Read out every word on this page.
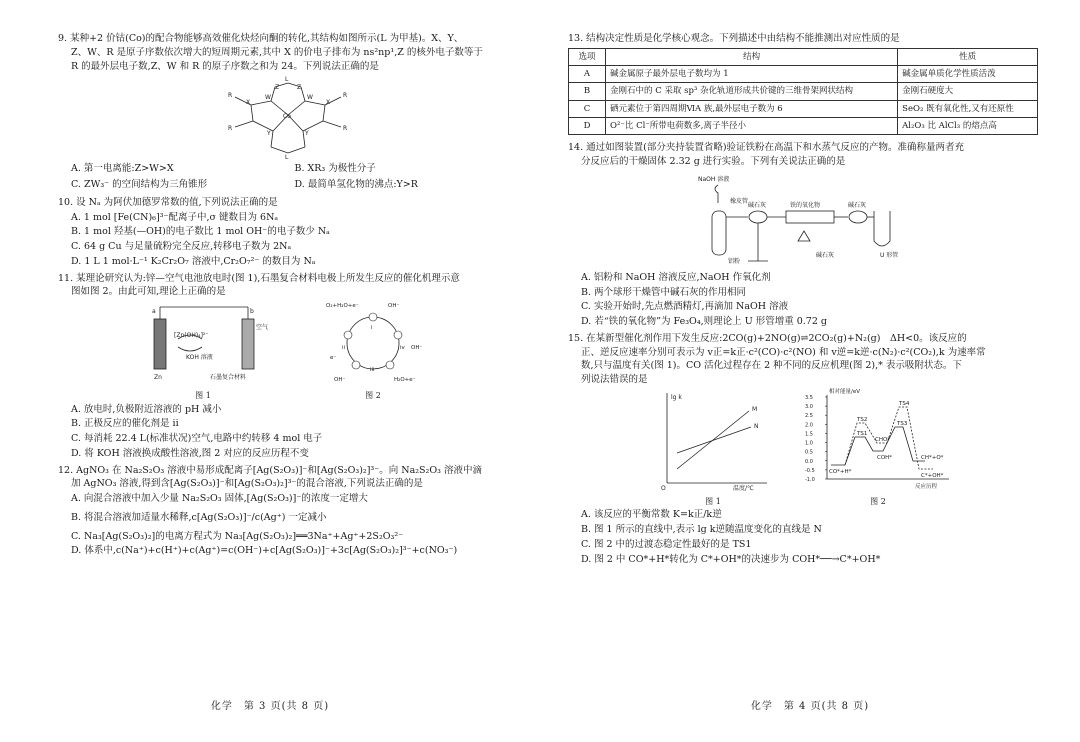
9. 某种+2 价钴(Co)的配合物能够高效催化炔烃向酮的转化,其结构如图所示(L 为甲基)。X、Y、

Z、W、R 是原子序数依次增大的短周期元素,其中 X 的价电子排布为 ns²np¹,Z 的核外电子数等于

R 的最外层电子数,Z、W 和 R 的原子序数之和为 24。下列说法正确的是

Co
L
L
R
R
R
R
W	W
Z	Z
Y	Y
X	X
A. 第一电离能:Z>W>X	B. XR₃ 为极性分子
C. ZW₃⁻ 的空间结构为三角锥形	D. 最简单氢化物的沸点:Y>R

10. 设 Nₐ 为阿伏加德罗常数的值,下列说法正确的是

A. 1 mol [Fe(CN)₆]³⁻配离子中,σ 键数目为 6Nₐ
B. 1 mol 羟基(—OH)的电子数比 1 mol OH⁻的电子数少 Nₐ
C. 64 g Cu 与足量硫粉完全反应,转移电子数为 2Nₐ
D. 1 L 1 mol·L⁻¹ K₂Cr₂O₇ 溶液中,Cr₂O₇²⁻ 的数目为 Nₐ

11. 某理论研究认为:锌—空气电池放电时(图 1),石墨复合材料电极上所发生反应的催化机理示意

图如图 2。由此可知,理论上正确的是

a	b
[Zn(OH)₄]²⁻
KOH 溶液
空气
Zn	石墨复合材料
图 1
O₂+H₂O+e⁻	OH⁻
OH⁻
OH⁻	H₂O+e⁻
e⁻
i
ii
iii
iv
图 2
A. 放电时,负极附近溶液的 pH 减小
B. 正极反应的催化剂是 ii
C. 每消耗 22.4 L(标准状况)空气,电路中约转移 4 mol 电子
D. 将 KOH 溶液换成酸性溶液,图 2 对应的反应历程不变

12. AgNO₃ 在 Na₂S₂O₃ 溶液中易形成配离子[Ag(S₂O₃)]⁻和[Ag(S₂O₃)₂]³⁻。向 Na₂S₂O₃ 溶液中滴

加 AgNO₃ 溶液,得到含[Ag(S₂O₃)]⁻和[Ag(S₂O₃)₂]³⁻的混合溶液,下列说法正确的是

A. 向混合溶液中加入少量 Na₂S₂O₃ 固体,[Ag(S₂O₃)]⁻的浓度一定增大
B. 将混合溶液加适量水稀释,c[Ag(S₂O₃)]⁻/c(Ag⁺) 一定减小
C. Na₃[Ag(S₂O₃)₂]的电离方程式为 Na₃[Ag(S₂O₃)₂]══3Na⁺+Ag⁺+2S₂O₃²⁻
D. 体系中,c(Na⁺)+c(H⁺)+c(Ag⁺)=c(OH⁻)+c[Ag(S₂O₃)]⁻+3c[Ag(S₂O₃)₂]³⁻+c(NO₃⁻)
化学　第 3 页(共 8 页)

13. 结构决定性质是化学核心观念。下列描述中由结构不能推测出对应性质的是

选项	结构	性质
A	碱金属原子最外层电子数均为 1	碱金属单质化学性质活泼
B	金刚石中的 C 采取 sp³ 杂化轨道形成共价键的三维骨架网状结构	金刚石硬度大
C	硒元素位于第四周期ⅥA 族,最外层电子数为 6	SeO₂ 既有氧化性,又有还原性
D	O²⁻比 Cl⁻所带电荷数多,离子半径小	Al₂O₃ 比 AlCl₃ 的熔点高

14. 通过如图装置(部分夹持装置省略)验证铁粉在高温下和水蒸气反应的产物。准确称量两者充

分反应后的干燥固体 2.32 g 进行实验。下列有关说法正确的是

NaOH 溶液
橡皮管
碱石灰	铁的氧化物	碱石灰
碱石灰
铝粉
U 形管
A. 铝粉和 NaOH 溶液反应,NaOH 作氧化剂
B. 两个球形干燥管中碱石灰的作用相同
C. 实验开始时,先点燃酒精灯,再滴加 NaOH 溶液
D. 若“铁的氧化物”为 Fe₃O₄,则理论上 U 形管增重 0.72 g

15. 在某新型催化剂作用下发生反应:2CO(g)+2NO(g)⇌2CO₂(g)+N₂(g)　ΔH<0。该反应的

正、逆反应速率分别可表示为 v正=k正·c²(CO)·c²(NO) 和 v逆=k逆·c(N₂)·c²(CO₂),k 为速率常

数,只与温度有关(图 1)。CO 活化过程存在 2 种不同的反应机理(图 2),* 表示吸附状态。下

列说法错误的是

lg k
温度/℃
O
M
N
图 1
3.5
3.0
2.5
2.0
1.5
1.0
0.5
0.0
-0.5
-1.0
相对能量/eV
反应历程
TS1
TS2
TS3
TS4
CHO*
COH*
CO*+H*
CH*+O*
C*+OH*
图 2
A. 该反应的平衡常数 K=k正/k逆
B. 图 1 所示的直线中,表示 lg k逆随温度变化的直线是 N
C. 图 2 中的过渡态稳定性最好的是 TS1
D. 图 2 中 CO*+H*转化为 C*+OH*的决速步为 COH*──→C*+OH*
化学　第 4 页(共 8 页)
